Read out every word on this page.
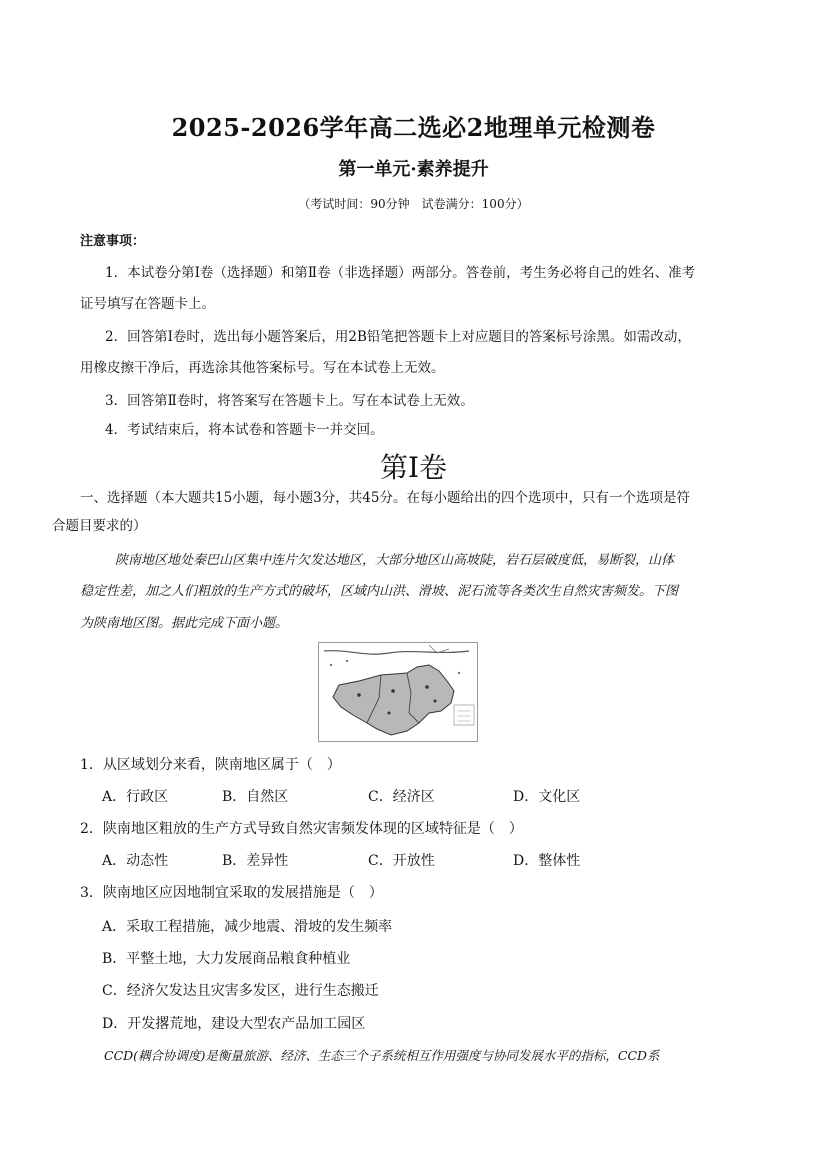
2025-2026学年高二选必2地理单元检测卷
第一单元·素养提升
（考试时间：90分钟　试卷满分：100分）
注意事项：
1．本试卷分第Ⅰ卷（选择题）和第Ⅱ卷（非选择题）两部分。答卷前，考生务必将自己的姓名、准考
证号填写在答题卡上。
2．回答第Ⅰ卷时，选出每小题答案后，用2B铅笔把答题卡上对应题目的答案标号涂黑。如需改动，
用橡皮擦干净后，再选涂其他答案标号。写在本试卷上无效。
3．回答第Ⅱ卷时，将答案写在答题卡上。写在本试卷上无效。
4．考试结束后，将本试卷和答题卡一并交回。
第Ⅰ卷
一、选择题（本大题共15小题，每小题3分，共45分。在每小题给出的四个选项中，只有一个选项是符
合题目要求的）
陕南地区地处秦巴山区集中连片欠发达地区，大部分地区山高坡陡，岩石层破度低，易断裂，山体
稳定性差，加之人们粗放的生产方式的破坏，区域内山洪、滑坡、泥石流等各类次生自然灾害频发。下图
为陕南地区图。据此完成下面小题。
1．从区域划分来看，陕南地区属于（　）
A．行政区	B．自然区	C．经济区	D．文化区
2．陕南地区粗放的生产方式导致自然灾害频发体现的区域特征是（　）
A．动态性	B．差异性	C．开放性	D．整体性
3．陕南地区应因地制宜采取的发展措施是（　）
A．采取工程措施，减少地震、滑坡的发生频率
B．平整土地，大力发展商品粮食种植业
C．经济欠发达且灾害多发区，进行生态搬迁
D．开发撂荒地，建设大型农产品加工园区
CCD(耦合协调度)是衡量旅游、经济、生态三个子系统相互作用强度与协同发展水平的指标，CCD系
